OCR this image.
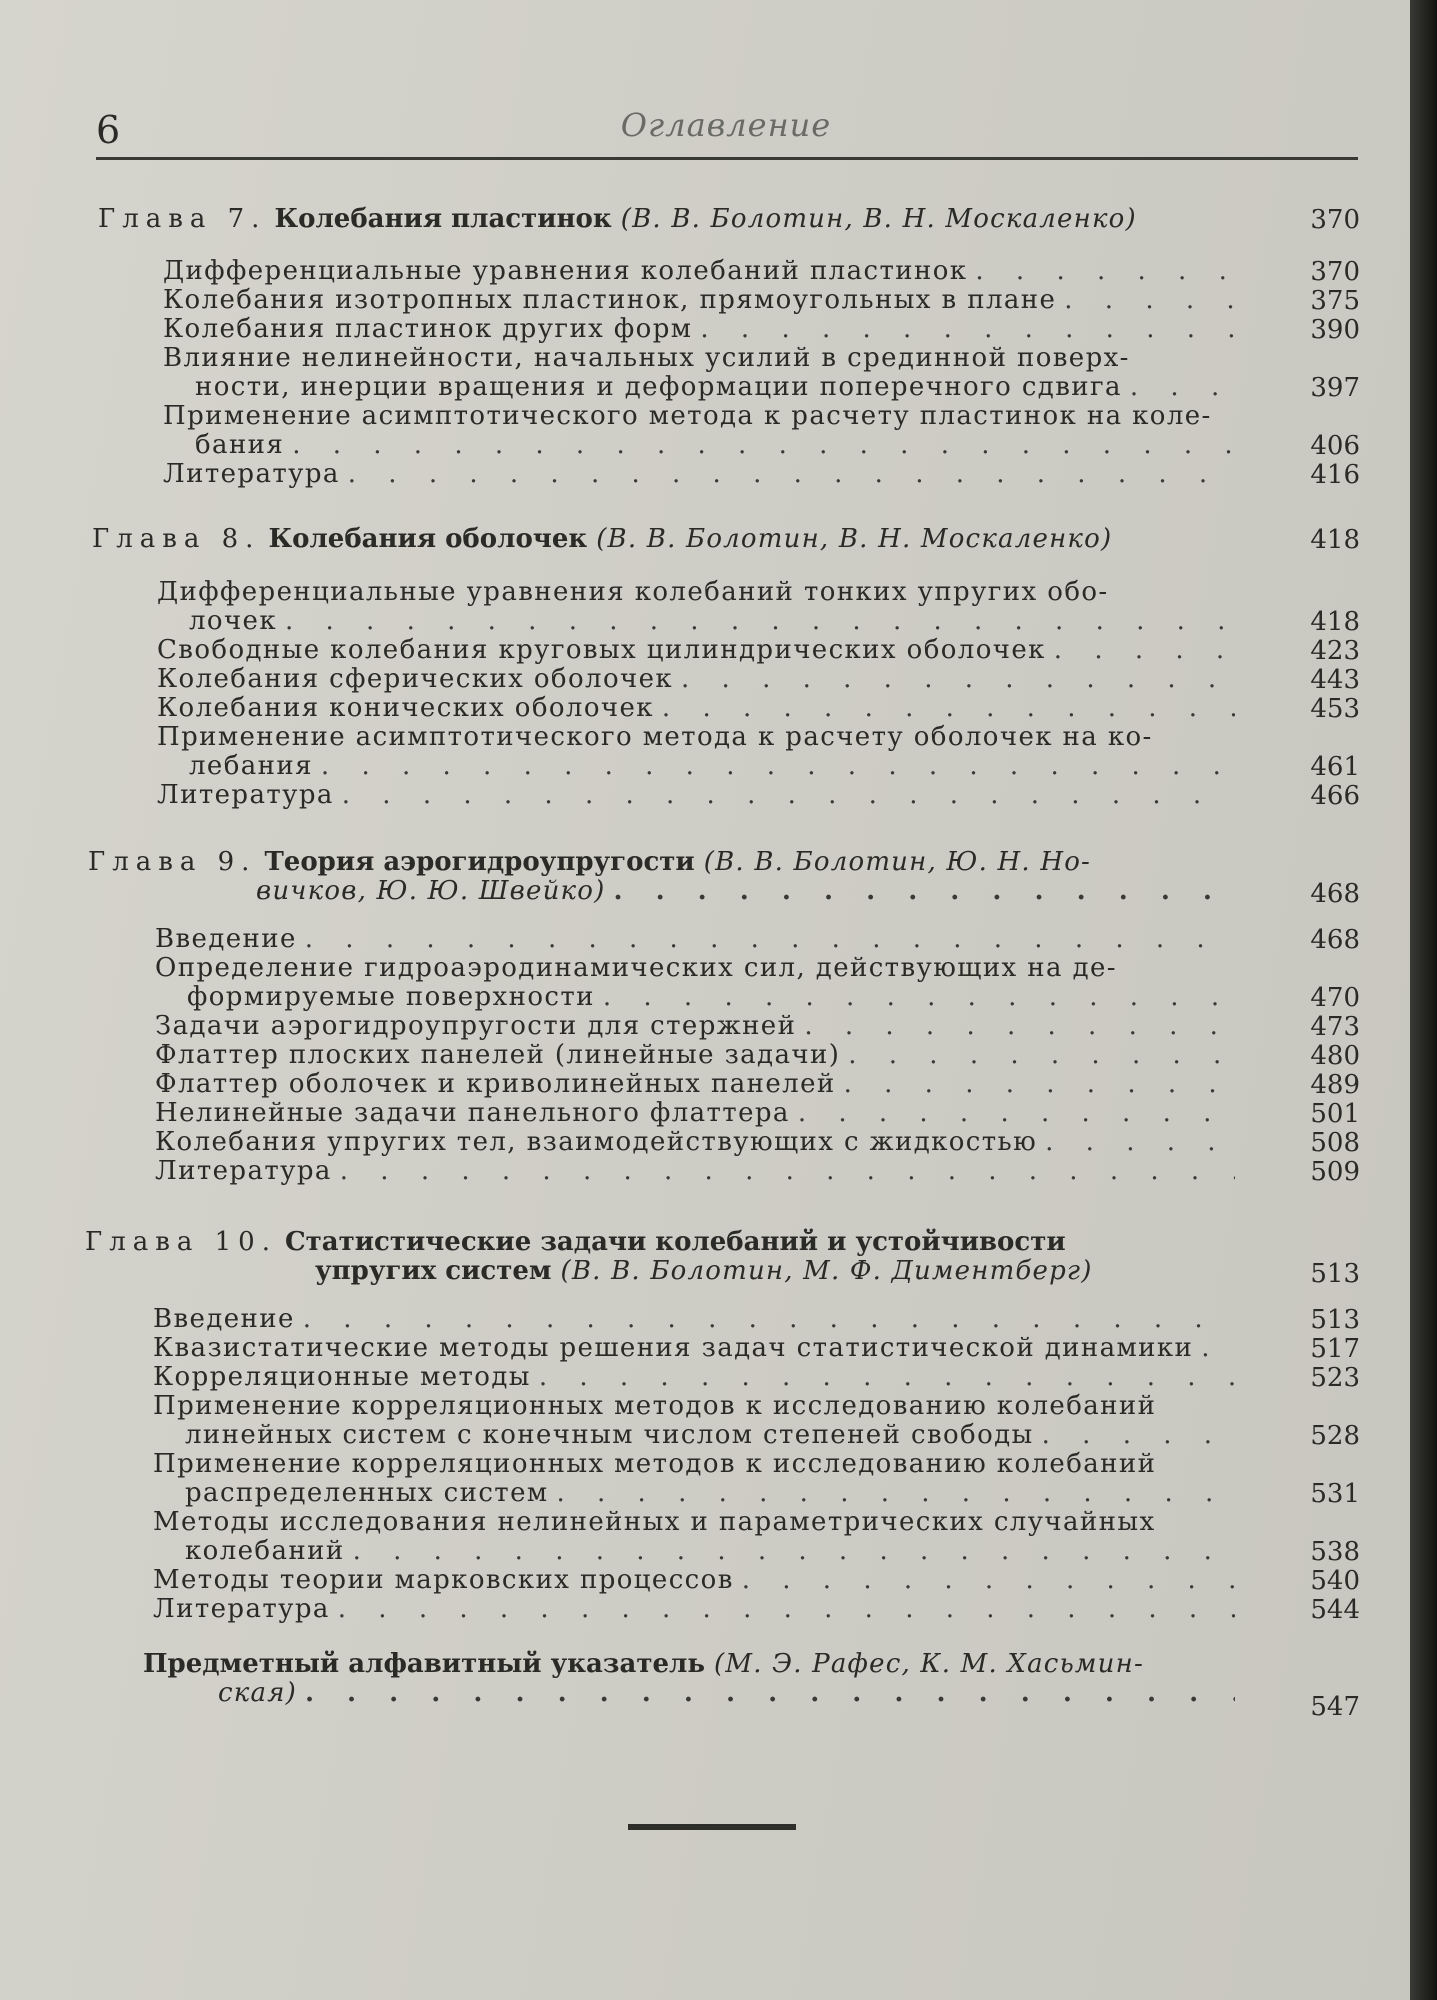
6	Оглавление
Глава 7. Колебания пластинок
(В. В. Болотин, В. Н. Москаленко)	370
Дифференциальные уравнения колебаний пластинок . . .	370
Колебания изотропных пластинок, прямоугольных в плане . . .	375
Колебания пластинок других форм . . .	390
Влияние нелинейности, начальных усилий в срединной поверх-
ности, инерции вращения и деформации поперечного сдвига . . .	397
Применение асимптотического метода к расчету пластинок на коле-
бания . . .	406
Литература . . .	416
Глава 8. Колебания оболочек
(В. В. Болотин, В. Н. Москаленко)	418
Дифференциальные уравнения колебаний тонких упругих обо-
лочек . . .	418
Свободные колебания круговых цилиндрических оболочек . . .	423
Колебания сферических оболочек . . .	443
Колебания конических оболочек . . .	453
Применение асимптотического метода к расчету оболочек на ко-
лебания . . .	461
Литература . . .	466
Глава 9. Теория аэрогидроупругости
(В. В. Болотин, Ю. Н. Но-
вичков, Ю. Ю. Швейко) . . .	468
Введение . . .	468
Определение гидроаэродинамических сил, действующих на де-
формируемые поверхности . . .	470
Задачи аэрогидроупругости для стержней . . .	473
Флаттер плоских панелей (линейные задачи) . . .	480
Флаттер оболочек и криволинейных панелей . . .	489
Нелинейные задачи панельного флаттера . . .	501
Колебания упругих тел, взаимодействующих с жидкостью . . .	508
Литература . . .	509
Глава 10. Статистические задачи колебаний и устойчивости
упругих систем
(В. В. Болотин, М. Ф. Диментберг)	513
Введение . . .	513
Квазистатические методы решения задач статистической динамики . . .	517
Корреляционные методы . . .	523
Применение корреляционных методов к исследованию колебаний
линейных систем с конечным числом степеней свободы . . .	528
Применение корреляционных методов к исследованию колебаний
распределенных систем . . .	531
Методы исследования нелинейных и параметрических случайных
колебаний . . .	538
Методы теории марковских процессов . . .	540
Литература . . .	544
Предметный алфавитный указатель
(М. Э. Рафес, К. М. Хасьмин-
ская) . . .	547
